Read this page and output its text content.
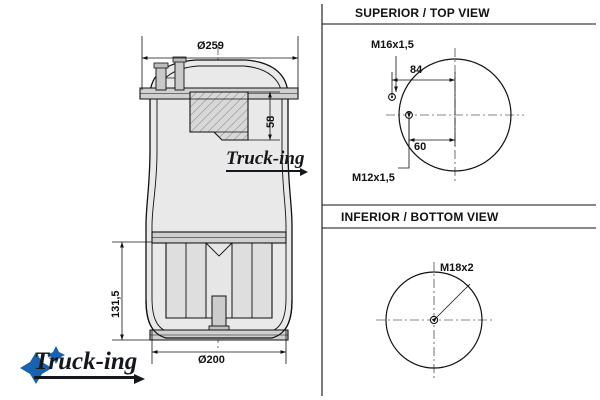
SUPERIOR / TOP VIEW
INFERIOR / BOTTOM VIEW
Ø259
Ø200
131,5
58
M16x1,5
M12x1,5
84
60
M18x2
Truck-ing
Truck-ing
